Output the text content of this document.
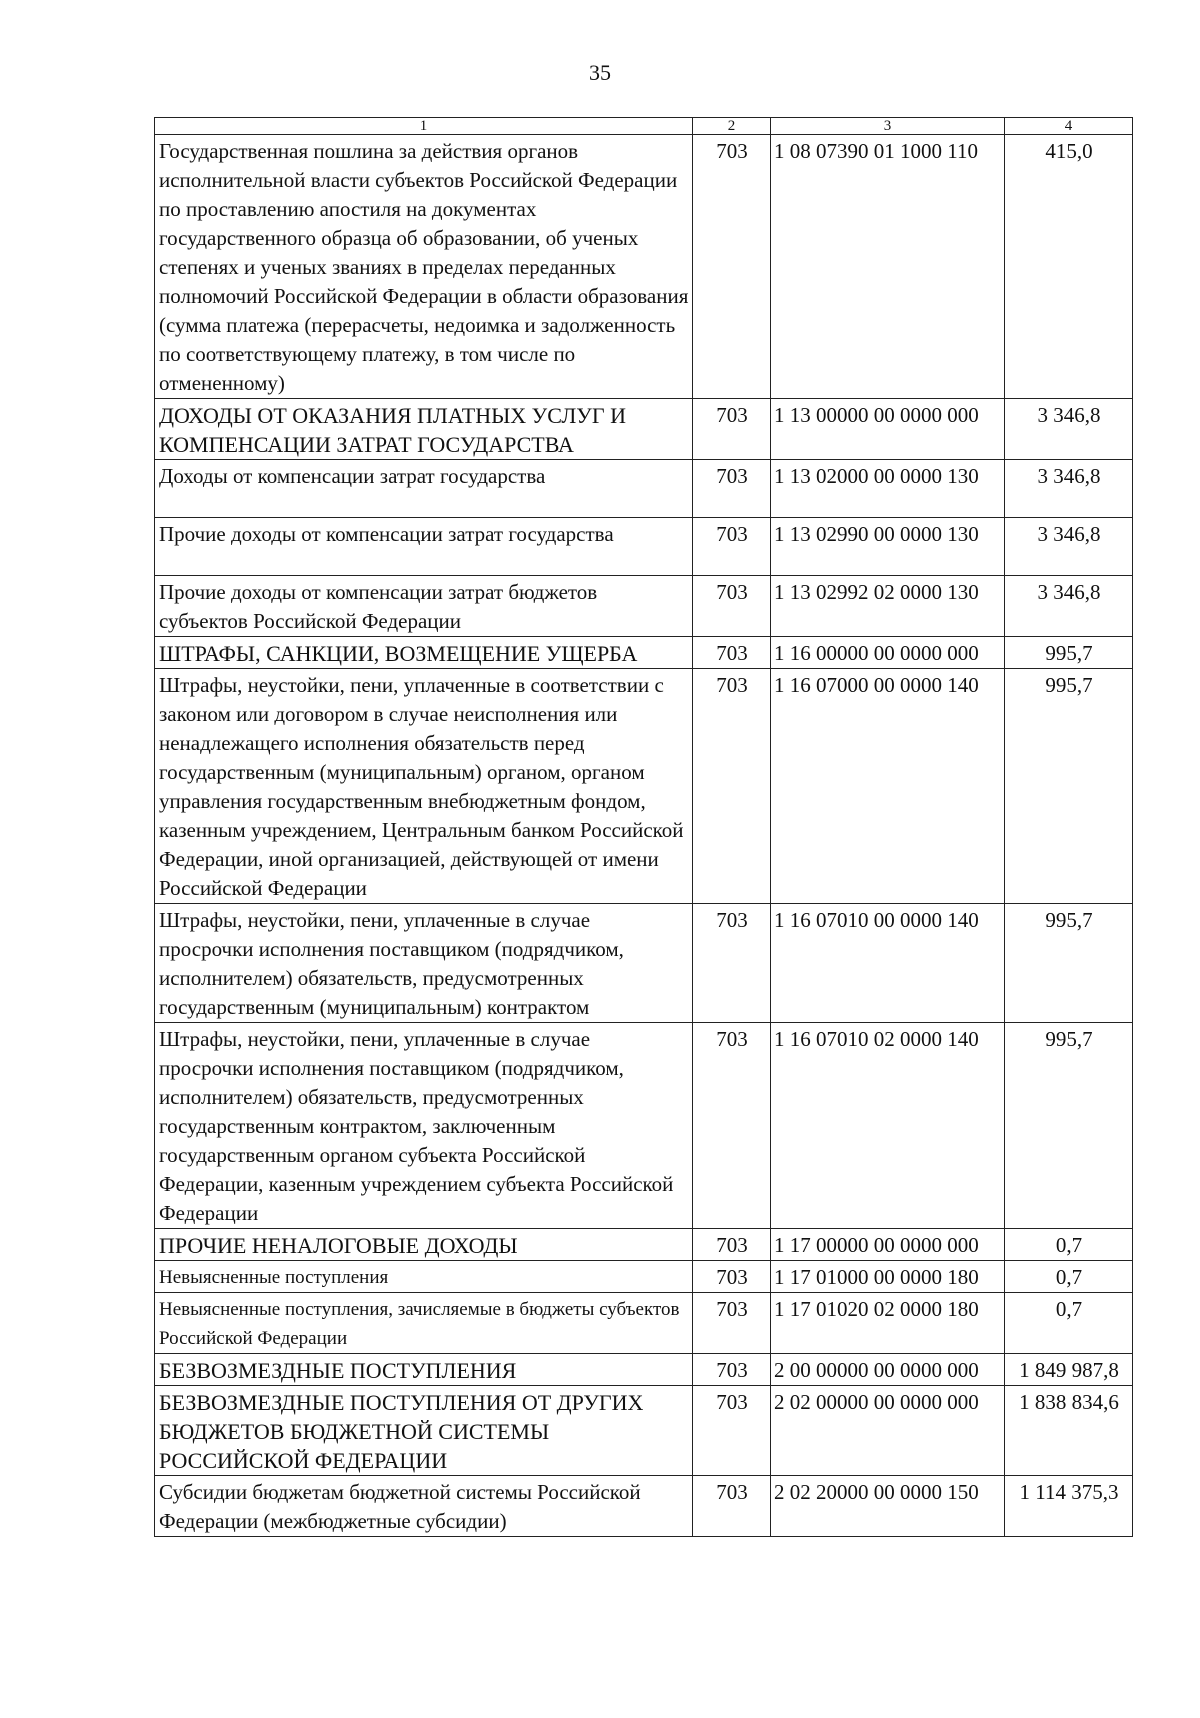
35
1	2	3	4
Государственная пошлина за действия органов исполнительной власти субъектов Российской Федерации по проставлению апостиля на документах государственного образца об образовании, об ученых степенях и ученых званиях в пределах переданных полномочий Российской Федерации в области образования (сумма платежа (перерасчеты, недоимка и задолженность по соответствующему платежу, в том числе по отмененному)	703	1 08 07390 01 1000 110	415,0
ДОХОДЫ ОТ ОКАЗАНИЯ ПЛАТНЫХ УСЛУГ И КОМПЕНСАЦИИ ЗАТРАТ ГОСУДАРСТВА	703	1 13 00000 00 0000 000	3 346,8
Доходы от компенсации затрат государства	703	1 13 02000 00 0000 130	3 346,8
Прочие доходы от компенсации затрат государства	703	1 13 02990 00 0000 130	3 346,8
Прочие доходы от компенсации затрат бюджетов субъектов Российской Федерации	703	1 13 02992 02 0000 130	3 346,8
ШТРАФЫ, САНКЦИИ, ВОЗМЕЩЕНИЕ УЩЕРБА	703	1 16 00000 00 0000 000	995,7
Штрафы, неустойки, пени, уплаченные в соответствии с законом или договором в случае неисполнения или ненадлежащего исполнения обязательств перед государственным (муниципальным) органом, органом управления государственным внебюджетным фондом, казенным учреждением, Центральным банком Российской Федерации, иной организацией, действующей от имени Российской Федерации	703	1 16 07000 00 0000 140	995,7
Штрафы, неустойки, пени, уплаченные в случае просрочки исполнения поставщиком (подрядчиком, исполнителем) обязательств, предусмотренных государственным (муниципальным) контрактом	703	1 16 07010 00 0000 140	995,7
Штрафы, неустойки, пени, уплаченные в случае просрочки исполнения поставщиком (подрядчиком, исполнителем) обязательств, предусмотренных государственным контрактом, заключенным государственным органом субъекта Российской Федерации, казенным учреждением субъекта Российской Федерации	703	1 16 07010 02 0000 140	995,7
ПРОЧИЕ НЕНАЛОГОВЫЕ ДОХОДЫ	703	1 17 00000 00 0000 000	0,7
Невыясненные поступления	703	1 17 01000 00 0000 180	0,7
Невыясненные поступления, зачисляемые в бюджеты субъектов Российской Федерации	703	1 17 01020 02 0000 180	0,7
БЕЗВОЗМЕЗДНЫЕ ПОСТУПЛЕНИЯ	703	2 00 00000 00 0000 000	1 849 987,8
БЕЗВОЗМЕЗДНЫЕ ПОСТУПЛЕНИЯ ОТ ДРУГИХ БЮДЖЕТОВ БЮДЖЕТНОЙ СИСТЕМЫ РОССИЙСКОЙ ФЕДЕРАЦИИ	703	2 02 00000 00 0000 000	1 838 834,6
Субсидии бюджетам бюджетной системы Российской Федерации (межбюджетные субсидии)	703	2 02 20000 00 0000 150	1 114 375,3
